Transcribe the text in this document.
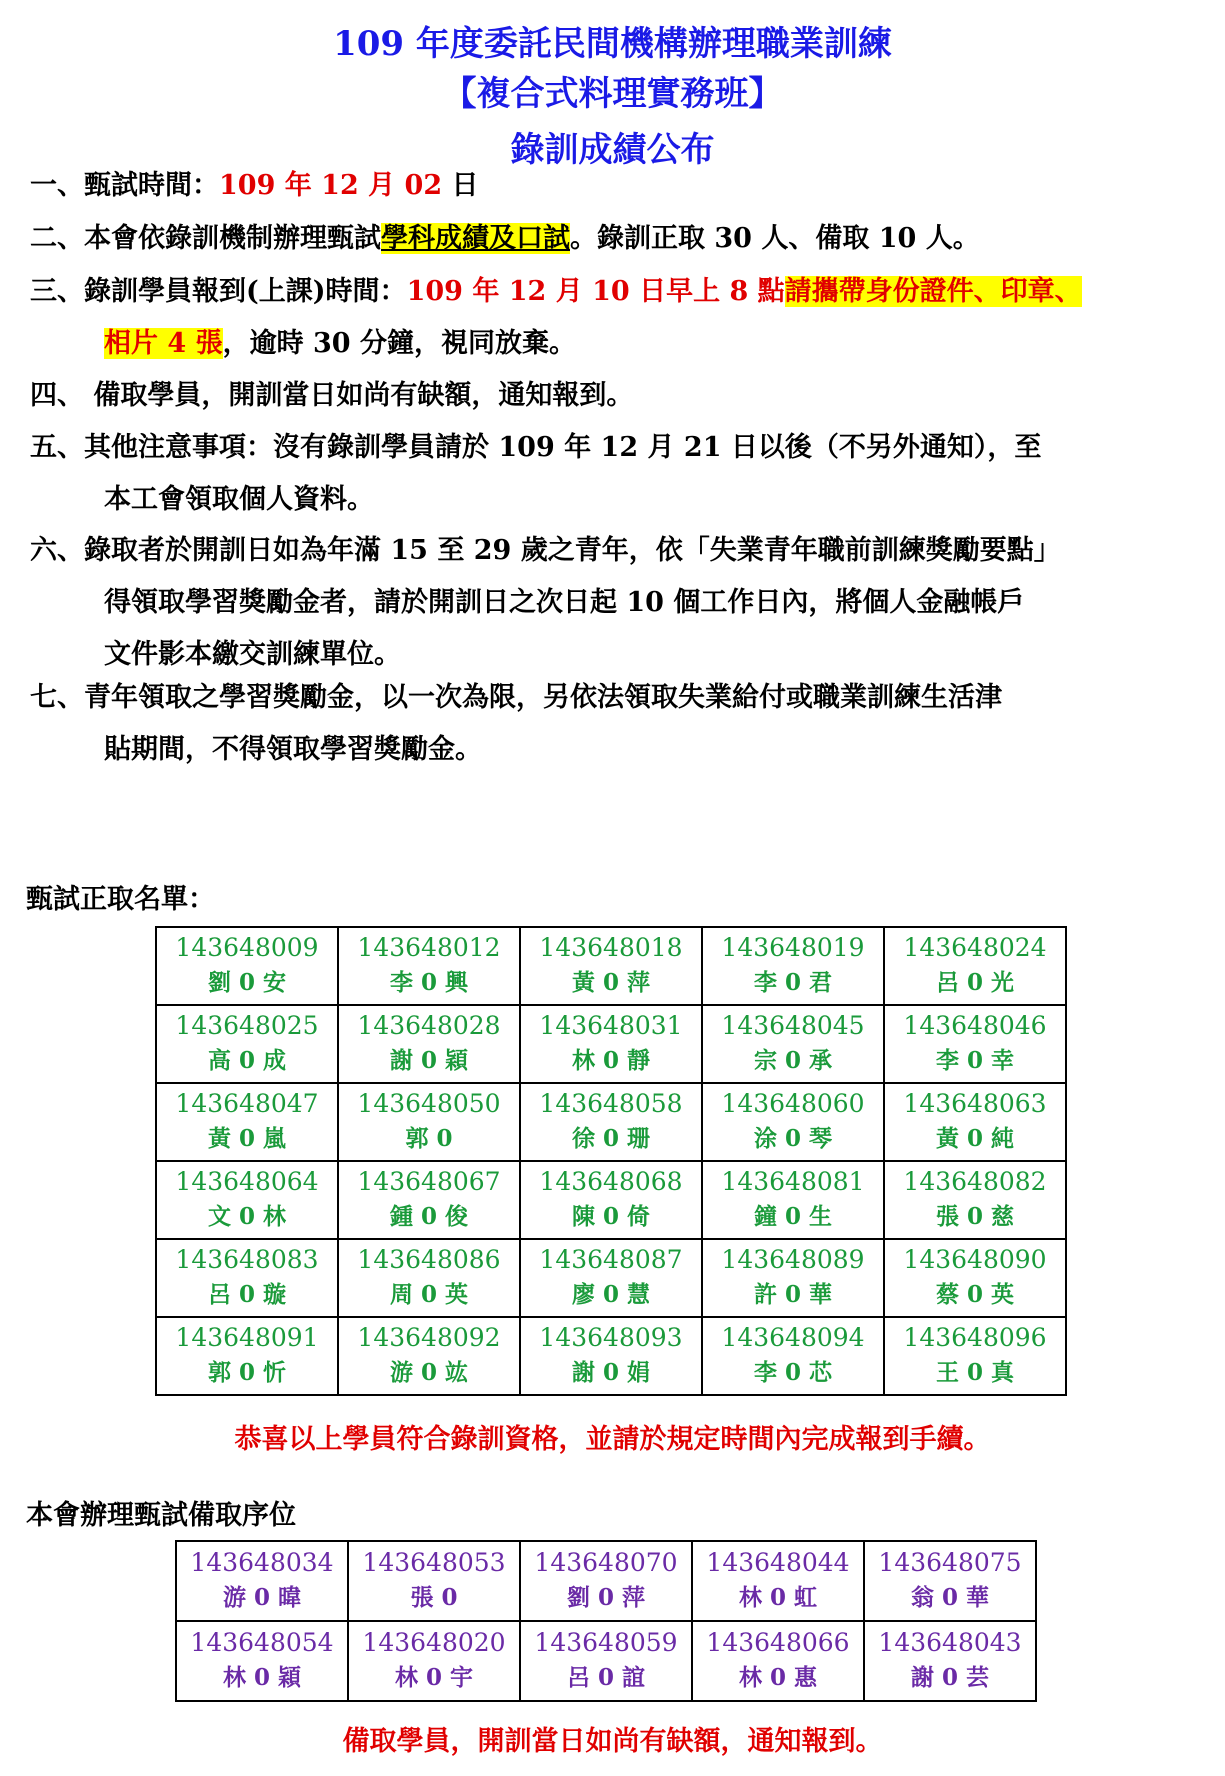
109 年度委託民間機構辦理職業訓練
【複合式料理實務班】
錄訓成績公布
一、甄試時間：109 年 12 月 02 日
二、本會依錄訓機制辦理甄試學科成績及口試。錄訓正取 30 人、備取 10 人。
三、錄訓學員報到(上課)時間：109 年 12 月 10 日早上 8 點請攜帶身份證件、印章、
相片 4 張，逾時 30 分鐘，視同放棄。
四、 備取學員，開訓當日如尚有缺額，通知報到。
五、其他注意事項：沒有錄訓學員請於 109 年 12 月 21 日以後（不另外通知），至
本工會領取個人資料。
六、錄取者於開訓日如為年滿 15 至 29 歲之青年，依「失業青年職前訓練獎勵要點」
得領取學習獎勵金者，請於開訓日之次日起 10 個工作日內，將個人金融帳戶
文件影本繳交訓練單位。
七、青年領取之學習獎勵金，以一次為限，另依法領取失業給付或職業訓練生活津
貼期間，不得領取學習獎勵金。
甄試正取名單：
143648009
劉 0 安	143648012
李 0 興	143648018
黃 0 萍	143648019
李 0 君	143648024
呂 0 光

143648025
高 0 成	143648028
謝 0 穎	143648031
林 0 靜	143648045
宗 0 承	143648046
李 0 幸

143648047
黃 0 嵐	143648050
郭 0	143648058
徐 0 珊	143648060
涂 0 琴	143648063
黃 0 純

143648064
文 0 林	143648067
鍾 0 俊	143648068
陳 0 倚	143648081
鐘 0 生	143648082
張 0 慈

143648083
呂 0 璇	143648086
周 0 英	143648087
廖 0 慧	143648089
許 0 華	143648090
蔡 0 英

143648091
郭 0 忻	143648092
游 0 竑	143648093
謝 0 娟	143648094
李 0 芯	143648096
王 0 真
恭喜以上學員符合錄訓資格，並請於規定時間內完成報到手續。
本會辦理甄試備取序位
143648034
游 0 暐	143648053
張 0	143648070
劉 0 萍	143648044
林 0 虹	143648075
翁 0 華

143648054
林 0 穎	143648020
林 0 宇	143648059
呂 0 誼	143648066
林 0 惠	143648043
謝 0 芸
備取學員，開訓當日如尚有缺額，通知報到。
